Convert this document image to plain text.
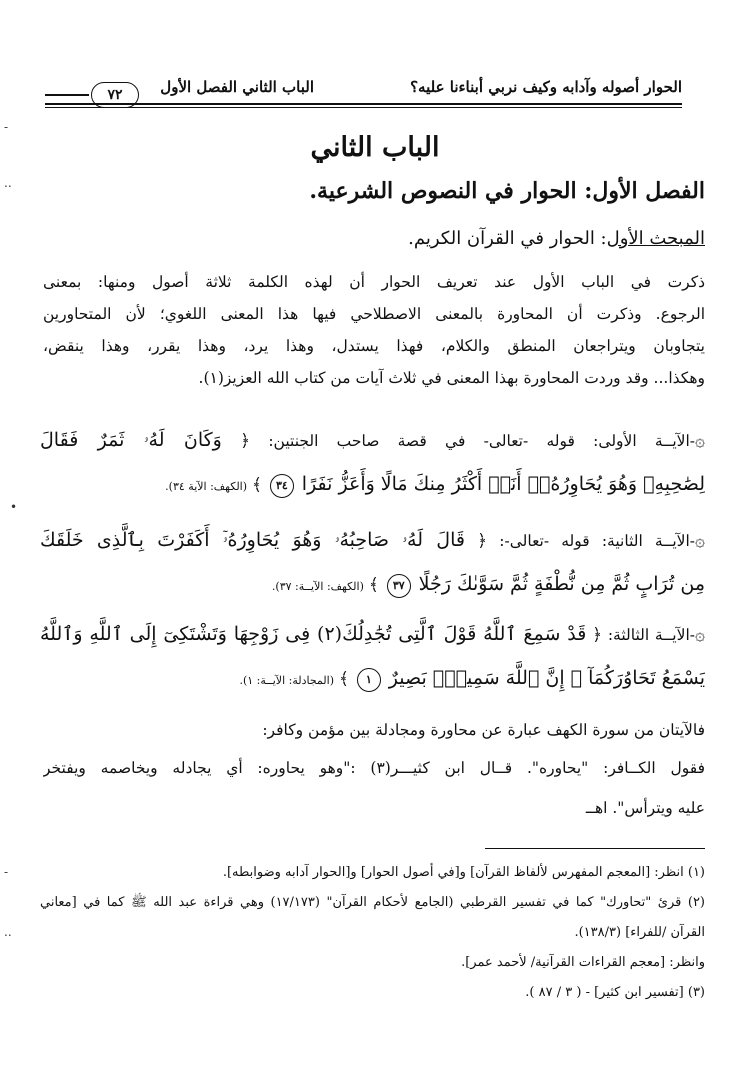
الحوار أصوله وآدابه وكيف نربي أبناءنا عليه؟
الباب الثاني الفصل الأول
٧٢
-
..
•
-
..
الباب الثاني
الفصل الأول: الحوار في النصوص الشرعية.
المبحث الأول: الحوار في القرآن الكريم.
ذكرت في الباب الأول عند تعريف الحوار أن لهذه الكلمة ثلاثة أصول ومنها: بمعنى
الرجوع. وذكرت أن المحاورة بالمعنى الاصطلاحي فيها هذا المعنى اللغوي؛ لأن المتحاورين
يتجاوبان ويتراجعان المنطق والكلام، فهذا يستدل، وهذا يرد، وهذا يقرر، وهذا ينقض،
وهكذا... وقد وردت المحاورة بهذا المعنى في ثلاث آيات من كتاب الله العزيز(١).
۞-الآيــة الأولى: قوله -تعالى- في قصة صاحب الجنتين: ﴿ وَكَانَ لَهُۥ ثَمَرٌ فَقَالَ
لِصَٰحِبِهِۦ وَهُوَ يُحَاوِرُهُۥٓ أَنَا۠ أَكْثَرُ مِنكَ مَالًا وَأَعَزُّ نَفَرًا ٣٤ ﴾ (الكهف: الآية ٣٤).
۞-الآيــة الثانية: قوله -تعالى-: ﴿ قَالَ لَهُۥ صَاحِبُهُۥ وَهُوَ يُحَاوِرُهُۥٓ أَكَفَرْتَ بِٱلَّذِى خَلَقَكَ
مِن تُرَابٍ ثُمَّ مِن نُّطْفَةٍ ثُمَّ سَوَّىٰكَ رَجُلًا ٣٧ ﴾ (الكهف: الآيــة: ٣٧).
۞-الآيــة الثالثة: ﴿ قَدْ سَمِعَ ٱللَّهُ قَوْلَ ٱلَّتِى تُجَٰدِلُكَ(٢) فِى زَوْجِهَا وَتَشْتَكِىٓ إِلَى ٱللَّهِ وَٱللَّهُ
يَسْمَعُ تَحَاوُرَكُمَآ ۚ إِنَّ ٱللَّهَ سَمِيعٌۢ بَصِيرٌ ١ ﴾ (المجادلة: الآيــة: ١).
فالآيتان من سورة الكهف عبارة عن محاورة ومجادلة بين مؤمن وكافر:
فقول الكــافر: "يحاوره". قــال ابن كثيـــر(٣) :"وهو يحاوره: أي يجادله ويخاصمه ويفتخر
عليه ويترأس". اهــ
(١) انظر: [المعجم المفهرس لألفاظ القرآن] و[في أصول الحوار] و[الحوار آدابه وضوابطه].
(٢) قرئ "تحاورك" كما في تفسير القرطبي (الجامع لأحكام القرآن" (١٧/١٧٣) وهي قراءة عبد الله ﷺ كما في [معاني
القرآن /للفراء] (١٣٨/٣).
وانظر: [معجم القراءات القرآنية/ لأحمد عمر].
(٣) [تفسير ابن كثير] - ( ٣ / ٨٧ ).
